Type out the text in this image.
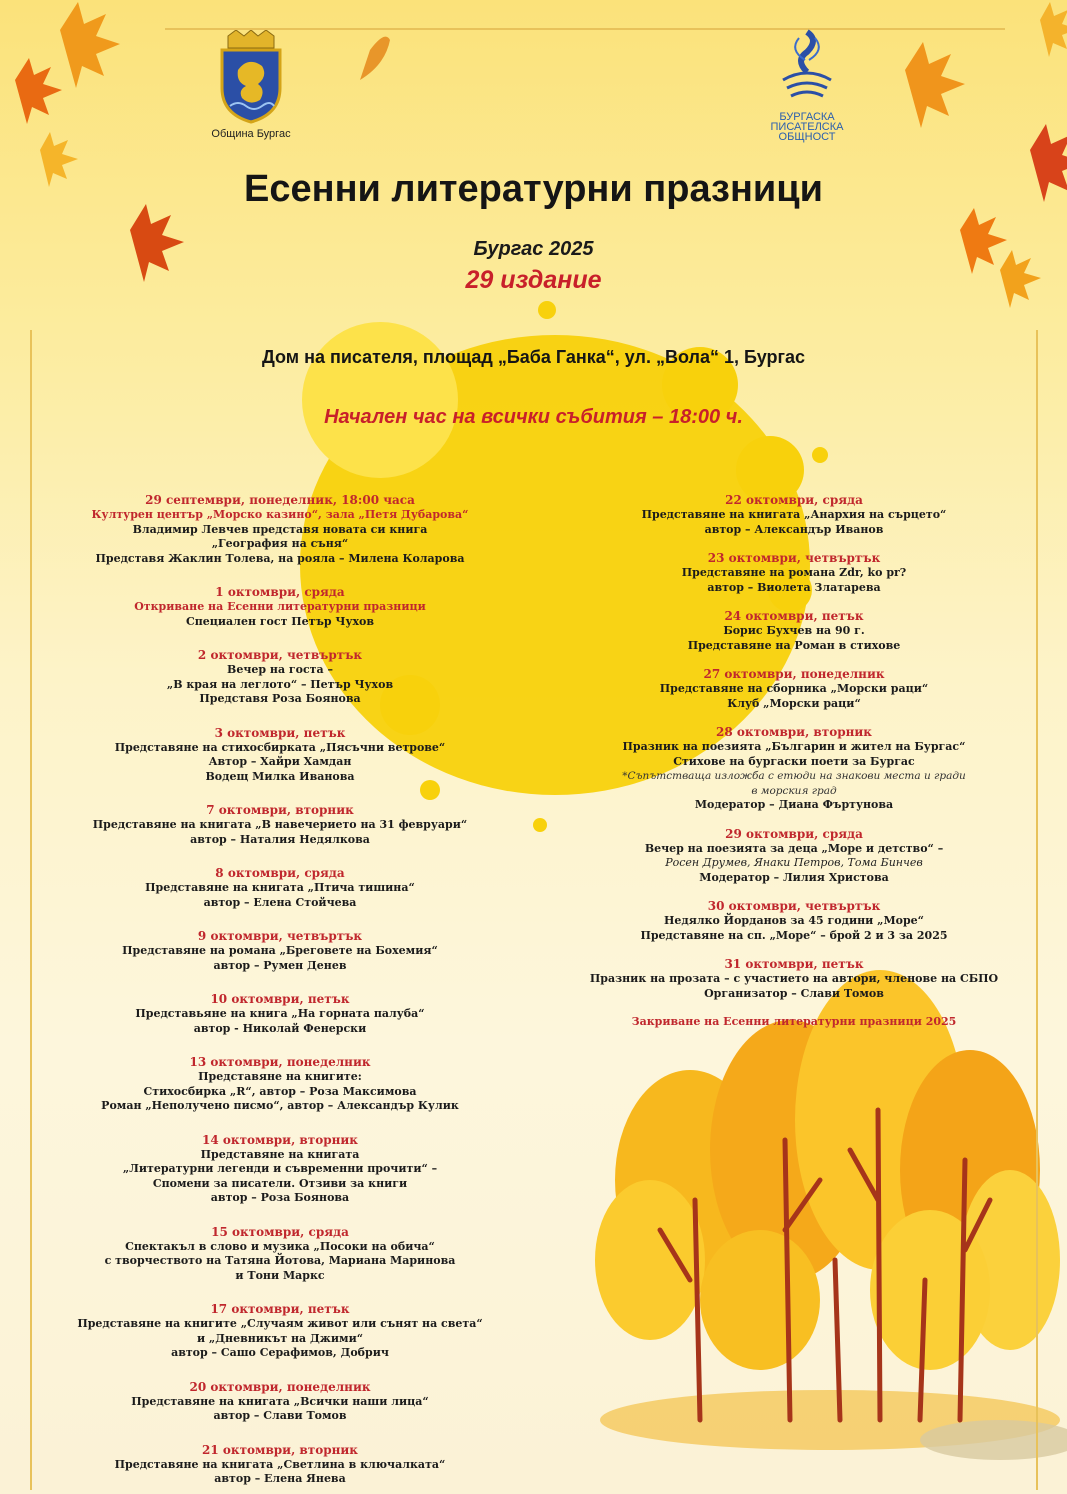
Община Бургас
БУРГАСКА
ПИСАТЕЛСКА
ОБЩНОСТ
Есенни литературни празници
Бургас 2025
29 издание
Дом на писателя, площад „Баба Ганка“, ул. „Вола“ 1, Бургас
Начален час на всички събития – 18:00 ч.
29 септември, понеделник, 18:00 часа
Културен център „Морско казино“, зала „Петя Дубарова“
Владимир Левчев представя новата си книга
„География на съня“
Представя Жаклин Толева, на рояла – Милена Коларова
1 октомври, сряда
Откриване на Есенни литературни празници
Специален гост Петър Чухов
2 октомври, четвъртък
Вечер на госта –
„В края на леглото“ – Петър Чухов
Представя Роза Боянова
3 октомври, петък
Представяне на стихосбирката „Пясъчни ветрове“
Автор – Хайри Хамдан
Водещ Милка Иванова
7 октомври, вторник
Представяне на книгата „В навечерието на 31 февруари“
автор – Наталия Недялкова
8 октомври, сряда
Представяне на книгата „Птича тишина“
автор – Елена Стойчева
9 октомври, четвъртък
Представяне на романа „Бреговете на Бохемия“
автор – Румен Денев
10 октомври, петък
Представьяне на книга „На горната палуба“
автор - Николай Фенерски
13 октомври, понеделник
Представяне на книгите:
Стихосбирка „R“, автор – Роза Максимова
Роман „Неполучено писмо“, автор – Александър Кулик
14 октомври, вторник
Представяне на книгата
„Литературни легенди и съвременни прочити“ –
Спомени за писатели. Отзиви за книги
автор – Роза Боянова
15 октомври, сряда
Спектакъл в слово и музика „Посоки на обича“
с творчеството на Татяна Йотова, Мариана Маринова
и Тони Маркс
17 октомври, петък
Представяне на книгите „Случаям живот или сънят на света“
и „Дневникът на Джими“
автор – Сашо Серафимов, Добрич
20 октомври, понеделник
Представяне на книгата „Всички наши лица“
автор – Слави Томов
21 октомври, вторник
Представяне на книгата „Светлина в ключалката“
автор – Елена Янева
22 октомври, сряда
Представяне на книгата „Анархия на сърцето“
автор – Александър Иванов
23 октомври, четвъртък
Представяне на романа Zdr, ko pr?
автор – Виолета Златарева
24 октомври, петък
Борис Бухчев на 90 г.
Представяне на Роман в стихове
27 октомври, понеделник
Представяне на сборника „Морски раци“
Клуб „Морски раци“
28 октомври, вторник
Празник на поезията „Българин и жител на Бургас“
Стихове на бургаски поети за Бургас
*Съпътстваща изложба с етюди на знакови места и гради
в морския град
Модератор – Диана Фъртунова
29 октомври, сряда
Вечер на поезията за деца „Море и детство“ –
Росен Друмев, Янаки Петров, Тома Бинчев
Модератор – Лилия Христова
30 октомври, четвъртък
Недялко Йорданов за 45 години „Море“
Представяне на сп. „Море“ – брой 2 и 3 за 2025
31 октомври, петък
Празник на прозата – с участието на автори, членове на СБПО
Организатор – Слави Томов
Закриване на Есенни литературни празници 2025
